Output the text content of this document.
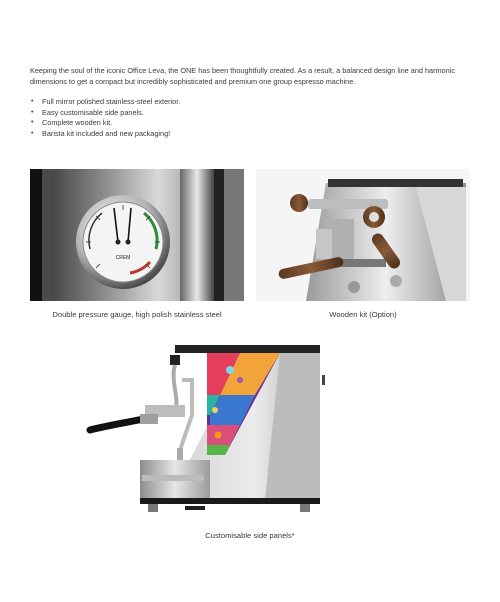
Keeping the soul of the iconic Office Leva, the ONE has been thoughtfully created. As a result, a balanced design line and harmonic dimensions to get a compact but incredibly sophisticated and premium one group espresso machine.

• Full mirror polished stainless-steel exterior.
• Easy customisable side panels.
• Complete wooden kit.
• Barista kit included and new packaging!
CREM
Double pressure gauge, high polish stainless steel	Wooden kit (Option)
Customisable side panels*
